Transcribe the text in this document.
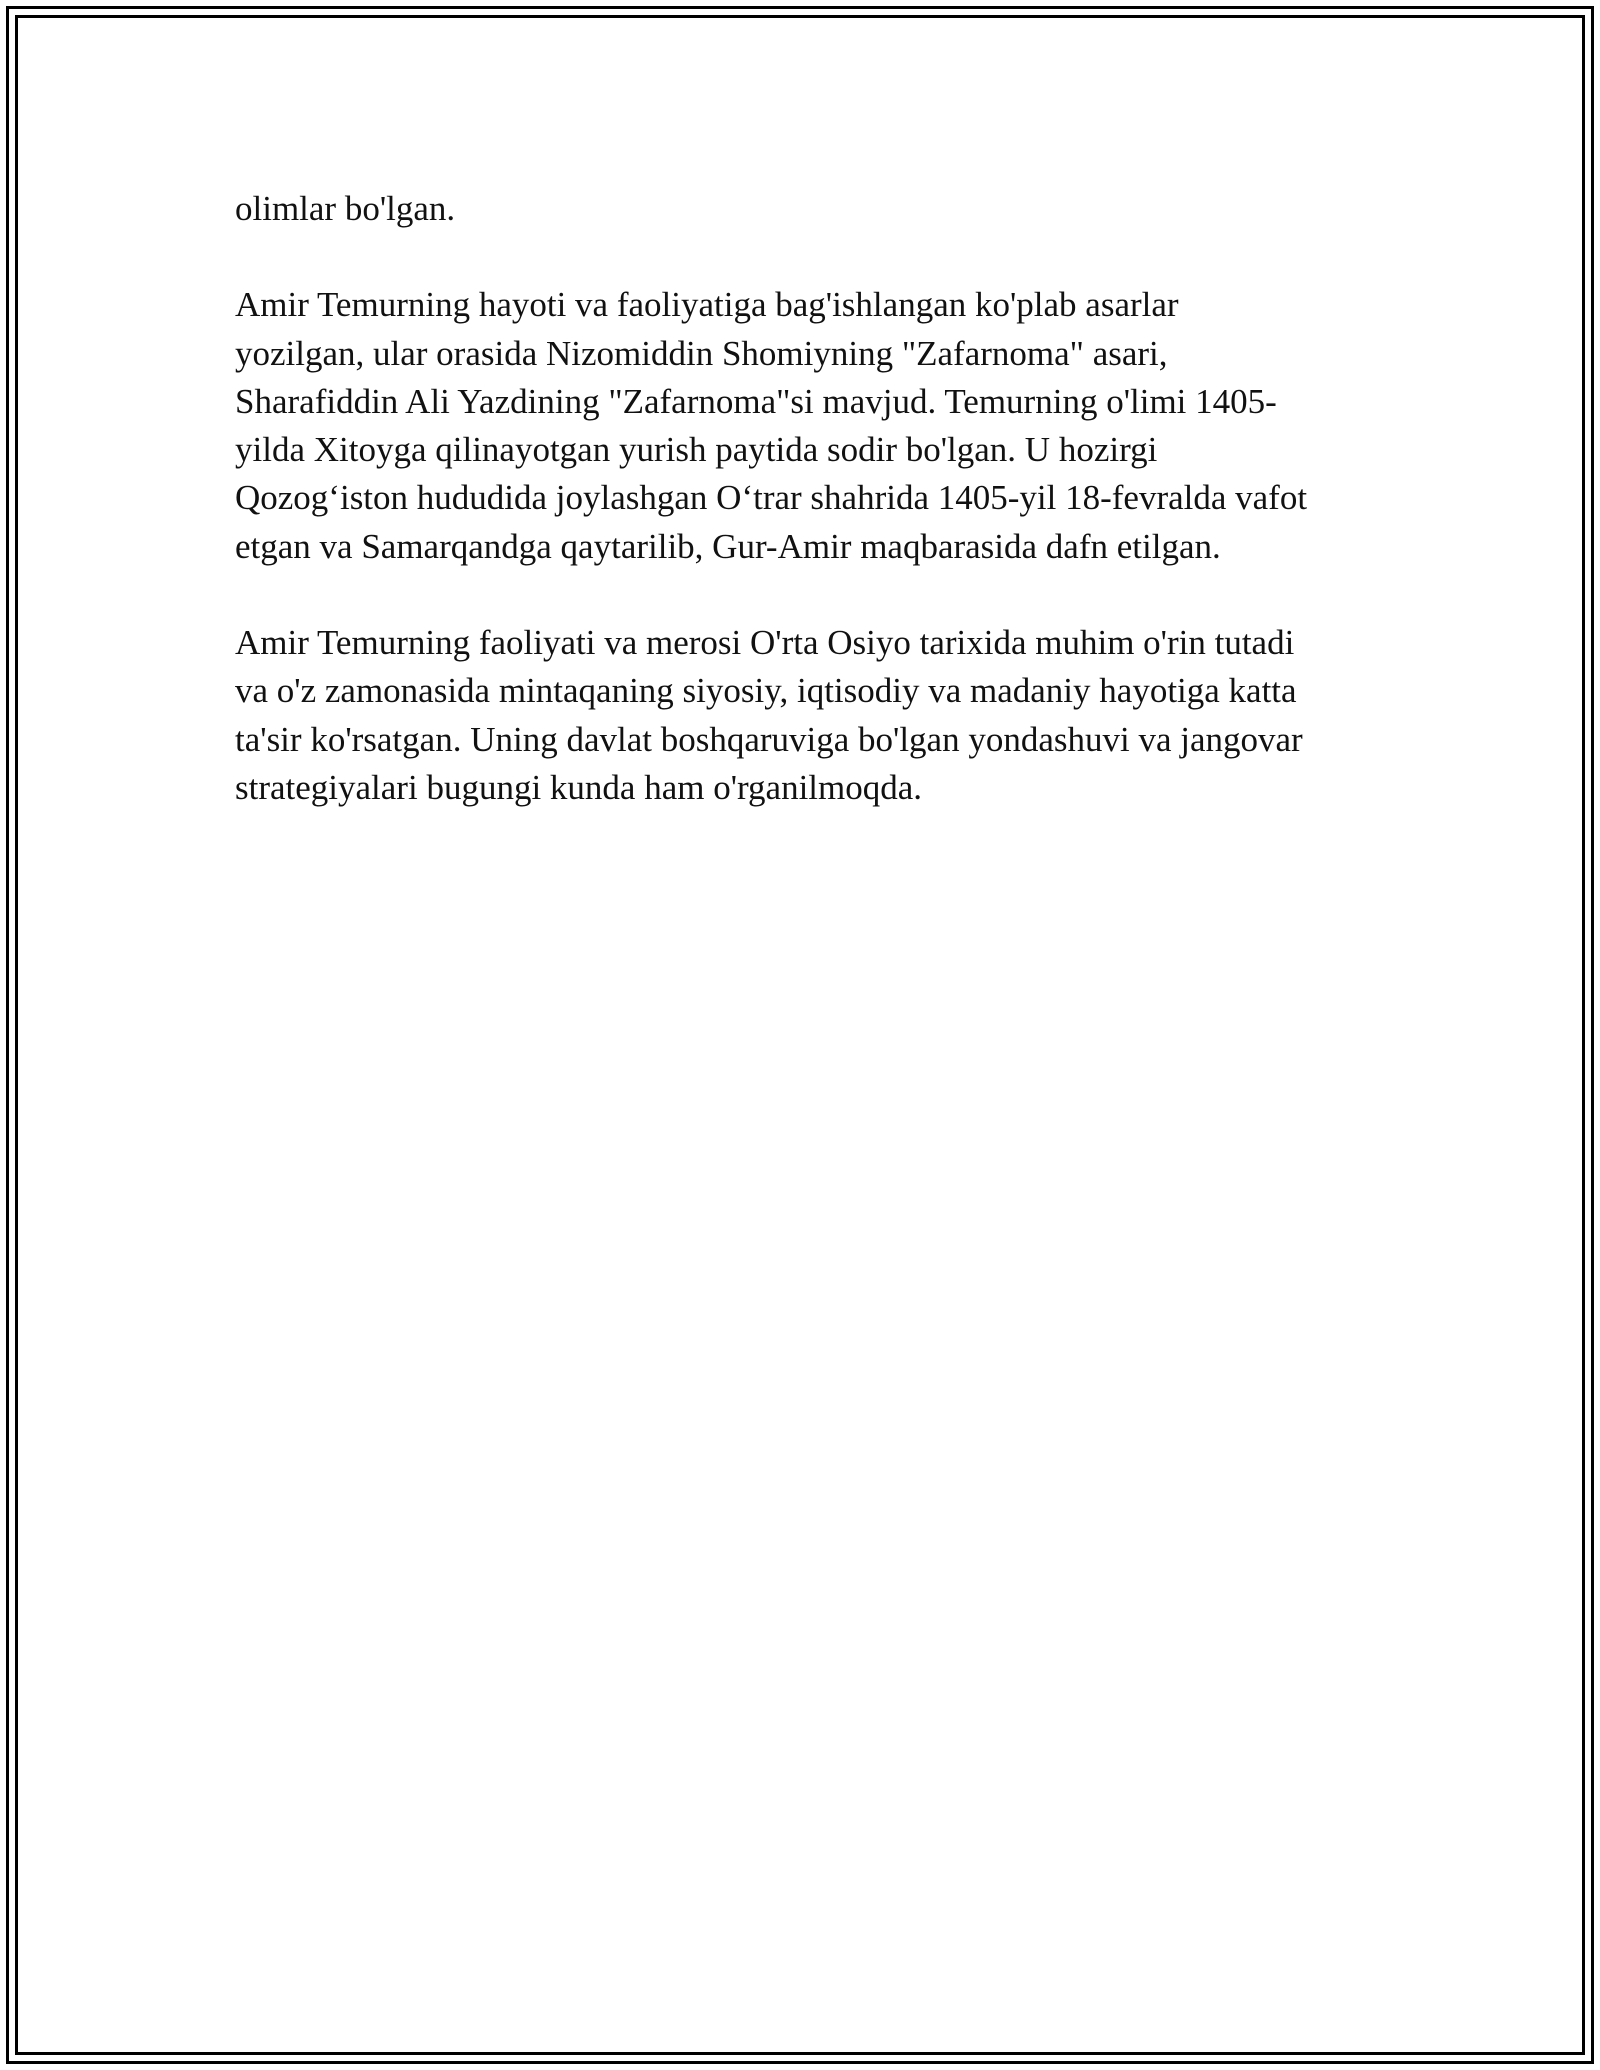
olimlar bo'lgan.

Amir Temurning hayoti va faoliyatiga bag'ishlangan ko'plab asarlar
yozilgan, ular orasida Nizomiddin Shomiyning "Zafarnoma" asari,
Sharafiddin Ali Yazdining "Zafarnoma"si mavjud. Temurning o'limi 1405-
yilda Xitoyga qilinayotgan yurish paytida sodir bo'lgan. U hozirgi
Qozog‘iston hududida joylashgan O‘trar shahrida 1405-yil 18-fevralda vafot
etgan va Samarqandga qaytarilib, Gur-Amir maqbarasida dafn etilgan.

Amir Temurning faoliyati va merosi O'rta Osiyo tarixida muhim o'rin tutadi
va o'z zamonasida mintaqaning siyosiy, iqtisodiy va madaniy hayotiga katta
ta'sir ko'rsatgan. Uning davlat boshqaruviga bo'lgan yondashuvi va jangovar
strategiyalari bugungi kunda ham o'rganilmoqda.
